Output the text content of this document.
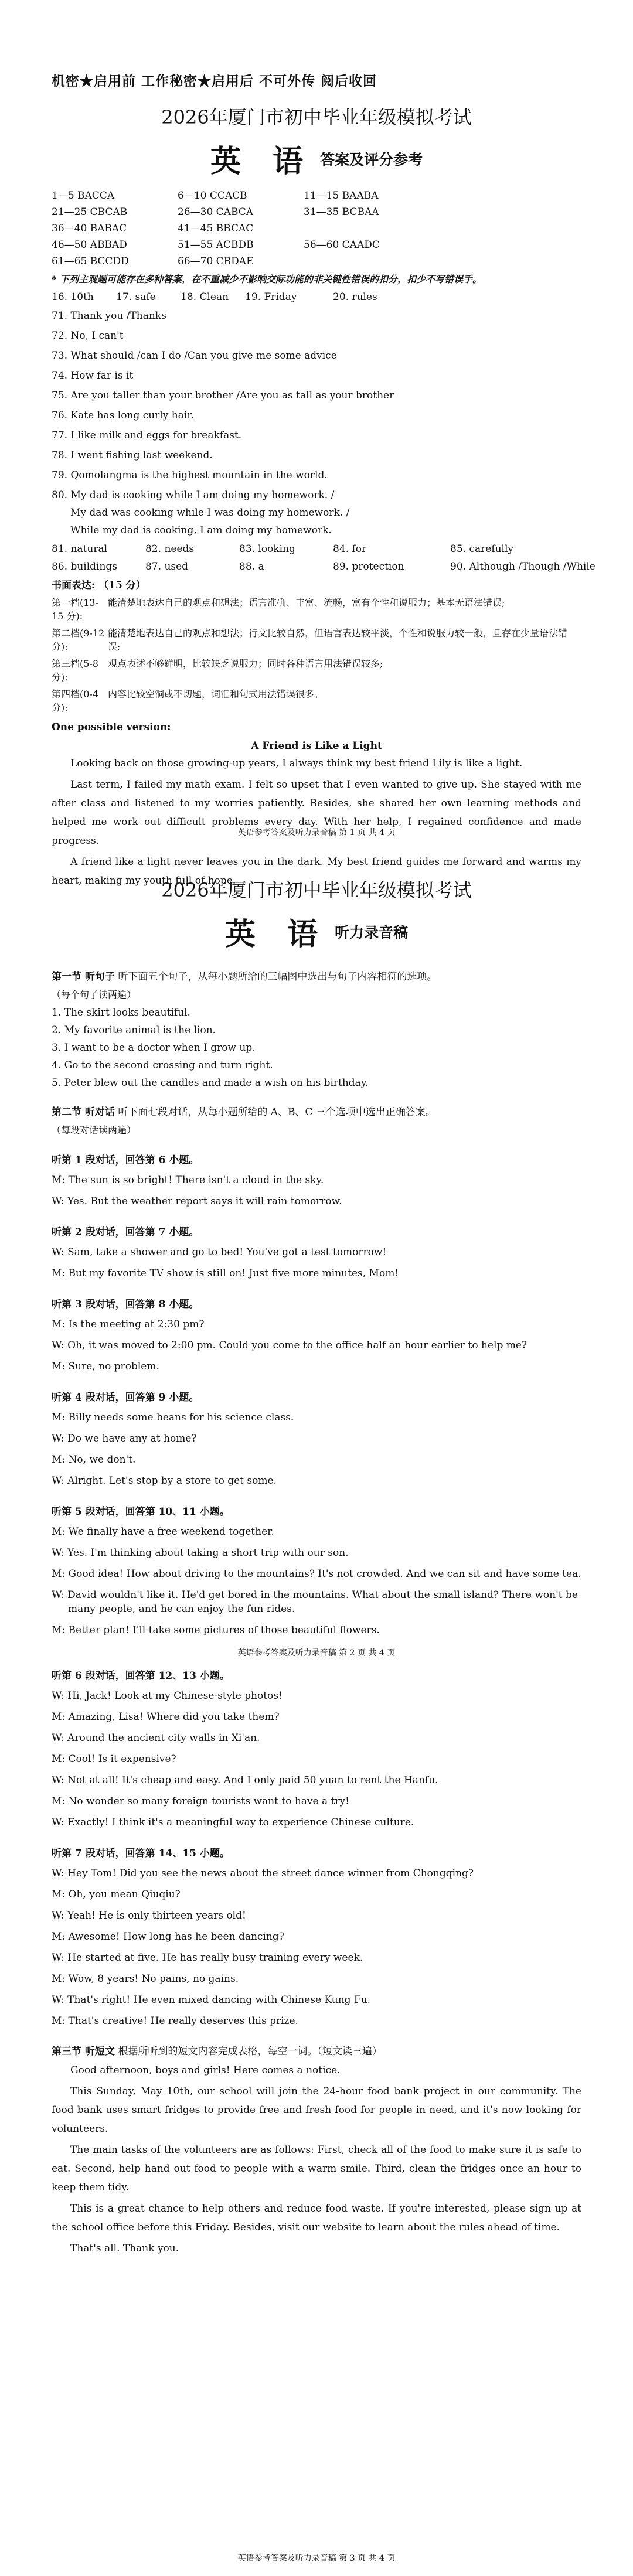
机密★启用前 工作秘密★启用后 不可外传 阅后收回
2026年厦门市初中毕业年级模拟考试
英 语 答案及评分参考
1—5 BACCA	6—10 CCACB	11—15 BAABA
21—25 CBCAB	26—30 CABCA	31—35 BCBAA
36—40 BABAC	41—45 BBCAC
46—50 ABBAD	51—55 ACBDB	56—60 CAADC
61—65 BCCDD	66—70 CBDAE
* 下列主观题可能存在多种答案，在不重减少不影响交际功能的非关键性错误的扣分，扣少不写错误手。
16. 10th	17. safe	18. Clean	19. Friday	20. rules
71. Thank you /Thanks
72. No, I can't
73. What should /can I do /Can you give me some advice
74. How far is it
75. Are you taller than your brother /Are you as tall as your brother
76. Kate has long curly hair.
77. I like milk and eggs for breakfast.
78. I went fishing last weekend.
79. Qomolangma is the highest mountain in the world.
80. My dad is cooking while I am doing my homework. /
My dad was cooking while I was doing my homework. /
While my dad is cooking, I am doing my homework.
81. natural	82. needs	83. looking	84. for	85. carefully
86. buildings	87. used	88. a	89. protection	90. Although /Though /While
书面表达: （15 分）
第一档(13-15 分):能清楚地表达自己的观点和想法；语言准确、丰富、流畅，富有个性和说服力；基本无语法错误;
第二档(9-12 分):能清楚地表达自己的观点和想法；行文比较自然，但语言表达较平淡，个性和说服力较一般，且存在少量语法错误;
第三档(5-8 分):观点表述不够鲜明，比较缺乏说服力；同时各种语言用法错误较多;
第四档(0-4 分):内容比较空洞或不切题，词汇和句式用法错误很多。
One possible version:
A Friend is Like a Light
Looking back on those growing-up years, I always think my best friend Lily is like a light.
Last term, I failed my math exam. I felt so upset that I even wanted to give up. She stayed with me after class and listened to my worries patiently. Besides, she shared her own learning methods and helped me work out difficult problems every day. With her help, I regained confidence and made progress.
A friend like a light never leaves you in the dark. My best friend guides me forward and warms my heart, making my youth full of hope.
英语参考答案及听力录音稿 第 1 页 共 4 页
2026年厦门市初中毕业年级模拟考试
英 语 听力录音稿
第一节 听句子 听下面五个句子，从每小题所给的三幅图中选出与句子内容相符的选项。
（每个句子读两遍）
1. The skirt looks beautiful.
2. My favorite animal is the lion.
3. I want to be a doctor when I grow up.
4. Go to the second crossing and turn right.
5. Peter blew out the candles and made a wish on his birthday.
第二节 听对话 听下面七段对话，从每小题所给的 A、B、C 三个选项中选出正确答案。
（每段对话读两遍）
听第 1 段对话，回答第 6 小题。
M: The sun is so bright! There isn't a cloud in the sky.
W: Yes. But the weather report says it will rain tomorrow.
听第 2 段对话，回答第 7 小题。
W: Sam, take a shower and go to bed! You've got a test tomorrow!
M: But my favorite TV show is still on! Just five more minutes, Mom!
听第 3 段对话，回答第 8 小题。
M: Is the meeting at 2:30 pm?
W: Oh, it was moved to 2:00 pm. Could you come to the office half an hour earlier to help me?
M: Sure, no problem.
听第 4 段对话，回答第 9 小题。
M: Billy needs some beans for his science class.
W: Do we have any at home?
M: No, we don't.
W: Alright. Let's stop by a store to get some.
听第 5 段对话，回答第 10、11 小题。
M: We finally have a free weekend together.
W: Yes. I'm thinking about taking a short trip with our son.
M: Good idea! How about driving to the mountains? It's not crowded. And we can sit and have some tea.
W: David wouldn't like it. He'd get bored in the mountains. What about the small island? There won't be many people, and he can enjoy the fun rides.
M: Better plan! I'll take some pictures of those beautiful flowers.
英语参考答案及听力录音稿 第 2 页 共 4 页
听第 6 段对话，回答第 12、13 小题。
W: Hi, Jack! Look at my Chinese-style photos!
M: Amazing, Lisa! Where did you take them?
W: Around the ancient city walls in Xi'an.
M: Cool! Is it expensive?
W: Not at all! It's cheap and easy. And I only paid 50 yuan to rent the Hanfu.
M: No wonder so many foreign tourists want to have a try!
W: Exactly! I think it's a meaningful way to experience Chinese culture.
听第 7 段对话，回答第 14、15 小题。
W: Hey Tom! Did you see the news about the street dance winner from Chongqing?
M: Oh, you mean Qiuqiu?
W: Yeah! He is only thirteen years old!
M: Awesome! How long has he been dancing?
W: He started at five. He has really busy training every week.
M: Wow, 8 years! No pains, no gains.
W: That's right! He even mixed dancing with Chinese Kung Fu.
M: That's creative! He really deserves this prize.
第三节 听短文 根据所听到的短文内容完成表格，每空一词。（短文读三遍）
Good afternoon, boys and girls! Here comes a notice.
This Sunday, May 10th, our school will join the 24-hour food bank project in our community. The food bank uses smart fridges to provide free and fresh food for people in need, and it's now looking for volunteers.
The main tasks of the volunteers are as follows: First, check all of the food to make sure it is safe to eat. Second, help hand out food to people with a warm smile. Third, clean the fridges once an hour to keep them tidy.
This is a great chance to help others and reduce food waste. If you're interested, please sign up at the school office before this Friday. Besides, visit our website to learn about the rules ahead of time.
That's all. Thank you.
英语参考答案及听力录音稿 第 3 页 共 4 页
